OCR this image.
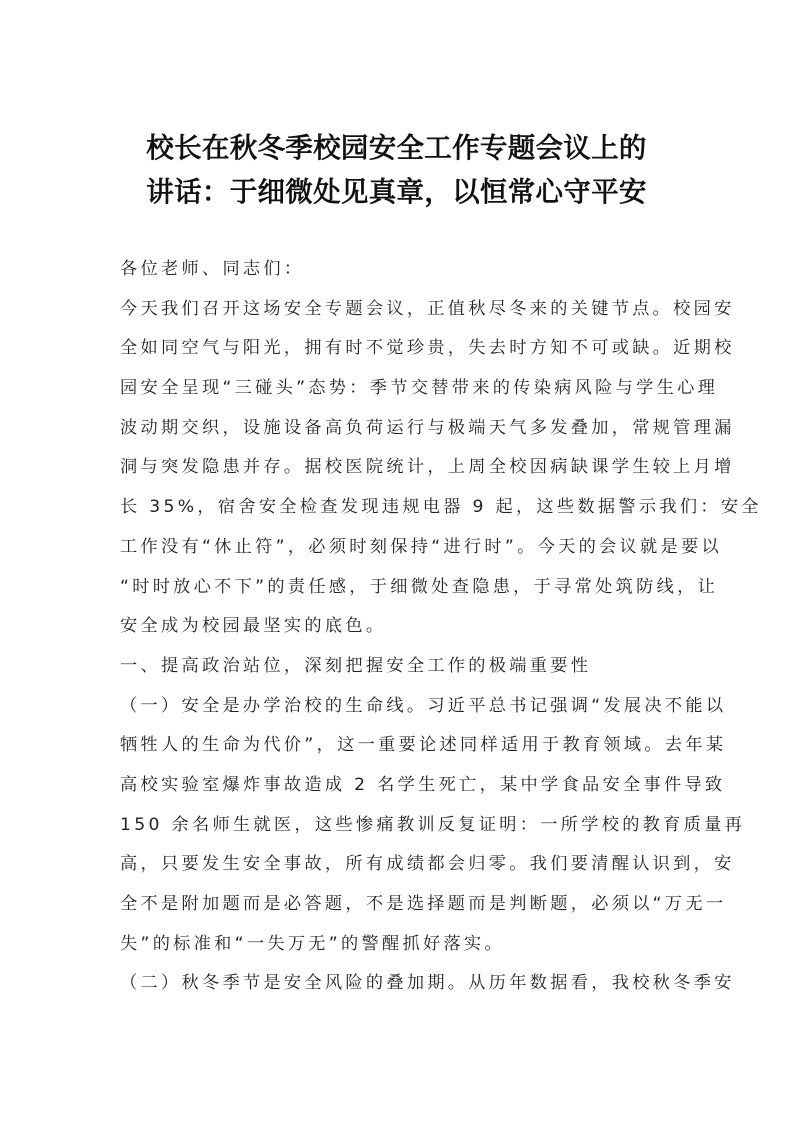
校长在秋冬季校园安全工作专题会议上的
讲话：于细微处见真章，以恒常心守平安
各位老师、同志们：
今天我们召开这场安全专题会议，正值秋尽冬来的关键节点。校园安
全如同空气与阳光，拥有时不觉珍贵，失去时方知不可或缺。近期校
园安全呈现“三碰头”态势：季节交替带来的传染病风险与学生心理
波动期交织，设施设备高负荷运行与极端天气多发叠加，常规管理漏
洞与突发隐患并存。据校医院统计，上周全校因病缺课学生较上月增
长 35%，宿舍安全检查发现违规电器 9 起，这些数据警示我们：安全
工作没有“休止符”，必须时刻保持“进行时”。今天的会议就是要以
“时时放心不下”的责任感，于细微处查隐患，于寻常处筑防线，让
安全成为校园最坚实的底色。
一、提高政治站位，深刻把握安全工作的极端重要性
（一）安全是办学治校的生命线。习近平总书记强调“发展决不能以
牺牲人的生命为代价”，这一重要论述同样适用于教育领域。去年某
高校实验室爆炸事故造成 2 名学生死亡，某中学食品安全事件导致
150 余名师生就医，这些惨痛教训反复证明：一所学校的教育质量再
高，只要发生安全事故，所有成绩都会归零。我们要清醒认识到，安
全不是附加题而是必答题，不是选择题而是判断题，必须以“万无一
失”的标准和“一失万无”的警醒抓好落实。
（二）秋冬季节是安全风险的叠加期。从历年数据看，我校秋冬季安
